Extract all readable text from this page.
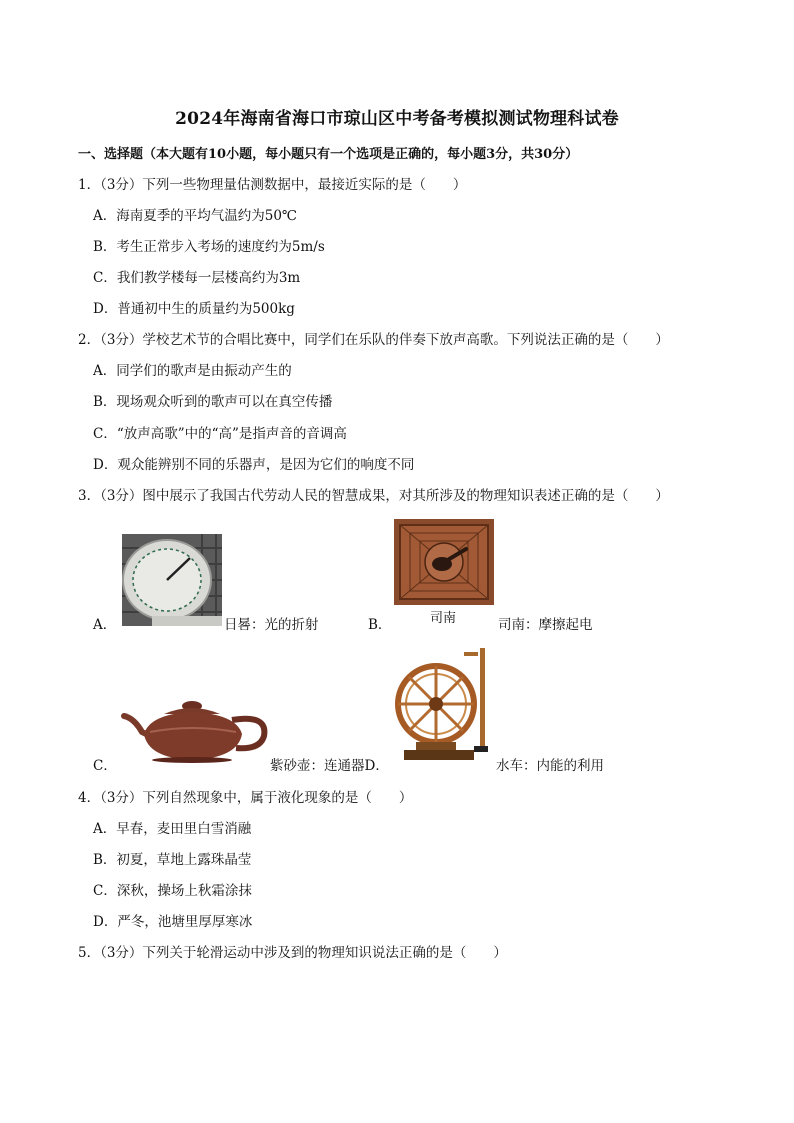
2024年海南省海口市琼山区中考备考模拟测试物理科试卷
一、选择题（本大题有10小题，每小题只有一个选项是正确的，每小题3分，共30分）
1．（3分）下列一些物理量估测数据中，最接近实际的是（　　）
A．海南夏季的平均气温约为50℃
B．考生正常步入考场的速度约为5m/s
C．我们教学楼每一层楼高约为3m
D．普通初中生的质量约为500kg
2．（3分）学校艺术节的合唱比赛中，同学们在乐队的伴奏下放声高歌。下列说法正确的是（　　）
A．同学们的歌声是由振动产生的
B．现场观众听到的歌声可以在真空传播
C．“放声高歌”中的“高”是指声音的音调高
D．观众能辨别不同的乐器声，是因为它们的响度不同
3．（3分）图中展示了我国古代劳动人民的智慧成果，对其所涉及的物理知识表述正确的是（　　）
A．	日晷：光的折射	B．	司南	司南：摩擦起电
C．	紫砂壶：连通器D．	水车：内能的利用
4．（3分）下列自然现象中，属于液化现象的是（　　）
A．早春，麦田里白雪消融
B．初夏，草地上露珠晶莹
C．深秋，操场上秋霜涂抹
D．严冬，池塘里厚厚寒冰
5．（3分）下列关于轮滑运动中涉及到的物理知识说法正确的是（　　）
